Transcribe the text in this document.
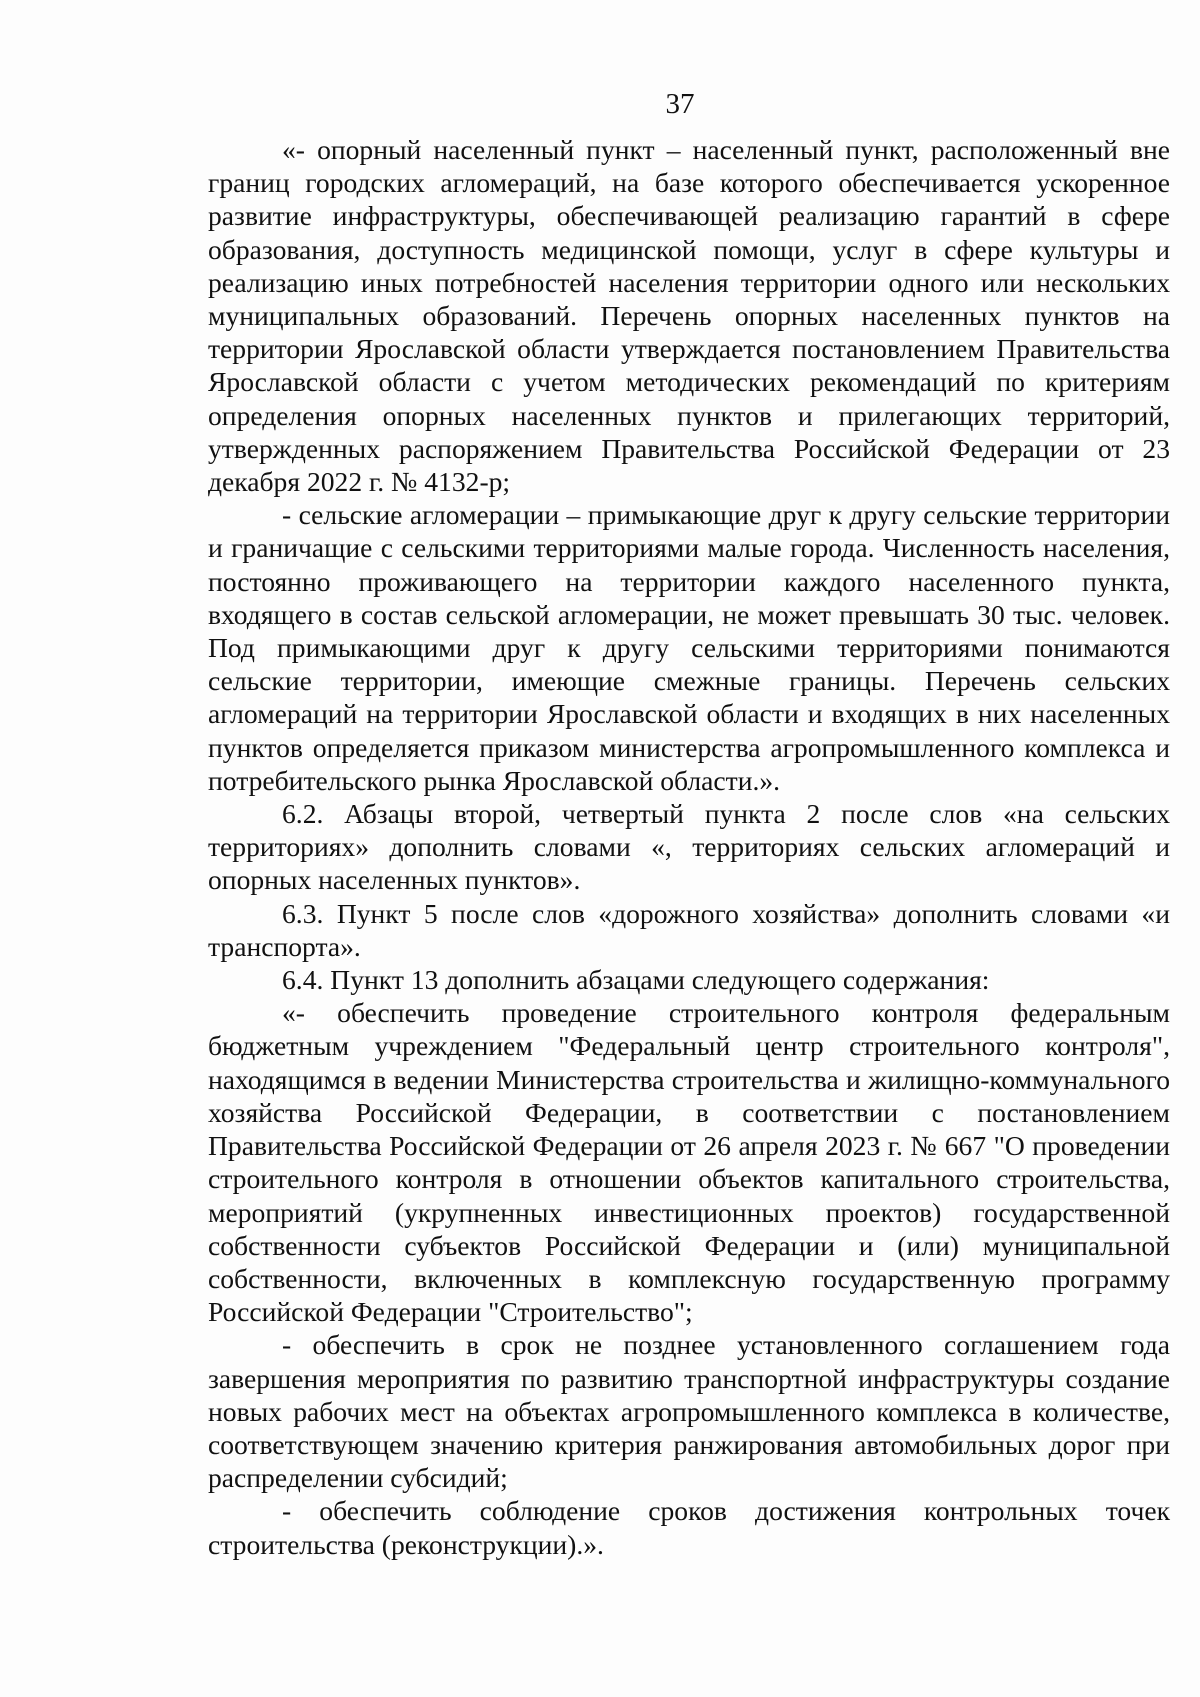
37

«- опорный населенный пункт – населенный пункт, расположенный вне границ городских агломераций, на базе которого обеспечивается ускоренное развитие инфраструктуры, обеспечивающей реализацию гарантий в сфере образования, доступность медицинской помощи, услуг в сфере культуры и реализацию иных потребностей населения территории одного или нескольких муниципальных образований. Перечень опорных населенных пунктов на территории Ярославской области утверждается постановлением Правительства Ярославской области с учетом методических рекомендаций по критериям определения опорных населенных пунктов и прилегающих территорий, утвержденных распоряжением Правительства Российской Федерации от 23 декабря 2022 г. № 4132-р;

- сельские агломерации – примыкающие друг к другу сельские территории и граничащие с сельскими территориями малые города. Численность населения, постоянно проживающего на территории каждого населенного пункта, входящего в состав сельской агломерации, не может превышать 30 тыс. человек. Под примыкающими друг к другу сельскими территориями понимаются сельские территории, имеющие смежные границы. Перечень сельских агломераций на территории Ярославской области и входящих в них населенных пунктов определяется приказом министерства агропромышленного комплекса и потребительского рынка Ярославской области.».

6.2. Абзацы второй, четвертый пункта 2 после слов «на сельских территориях» дополнить словами «, территориях сельских агломераций и опорных населенных пунктов».

6.3. Пункт 5 после слов «дорожного хозяйства» дополнить словами «и транспорта».

6.4. Пункт 13 дополнить абзацами следующего содержания:

«- обеспечить проведение строительного контроля федеральным бюджетным учреждением "Федеральный центр строительного контроля", находящимся в ведении Министерства строительства и жилищно-коммунального хозяйства Российской Федерации, в соответствии с постановлением Правительства Российской Федерации от 26 апреля 2023 г. № 667 "О проведении строительного контроля в отношении объектов капитального строительства, мероприятий (укрупненных инвестиционных проектов) государственной собственности субъектов Российской Федерации и (или) муниципальной собственности, включенных в комплексную государственную программу Российской Федерации "Строительство";

- обеспечить в срок не позднее установленного соглашением года завершения мероприятия по развитию транспортной инфраструктуры создание новых рабочих мест на объектах агропромышленного комплекса в количестве, соответствующем значению критерия ранжирования автомобильных дорог при распределении субсидий;

- обеспечить соблюдение сроков достижения контрольных точек строительства (реконструкции).».
